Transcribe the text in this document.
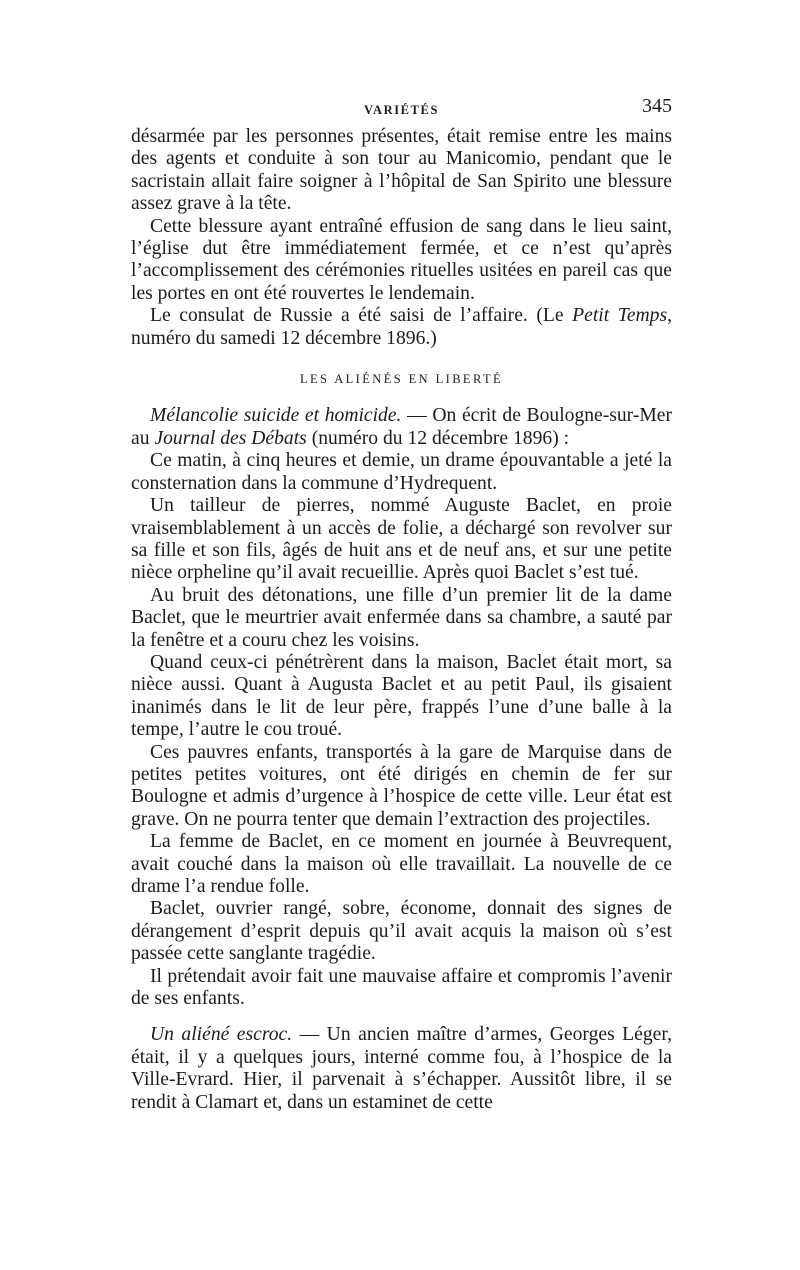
VARIÉTÉS	345

désarmée par les personnes présentes, était remise entre les mains des agents et conduite à son tour au Manicomio, pendant que le sacristain allait faire soigner à l’hôpital de San Spirito une blessure assez grave à la tête.

Cette blessure ayant entraîné effusion de sang dans le lieu saint, l’église dut être immédiatement fermée, et ce n’est qu’après l’accomplissement des cérémonies rituelles usitées en pareil cas que les portes en ont été rouvertes le lendemain.

Le consulat de Russie a été saisi de l’affaire. (Le Petit Temps, numéro du samedi 12 décembre 1896.)

LES ALIÉNÉS EN LIBERTÉ

Mélancolie suicide et homicide. — On écrit de Boulogne-sur-Mer au Journal des Débats (numéro du 12 décembre 1896) :

Ce matin, à cinq heures et demie, un drame épouvantable a jeté la consternation dans la commune d’Hydrequent.

Un tailleur de pierres, nommé Auguste Baclet, en proie vraisemblablement à un accès de folie, a déchargé son revolver sur sa fille et son fils, âgés de huit ans et de neuf ans, et sur une petite nièce orpheline qu’il avait recueillie. Après quoi Baclet s’est tué.

Au bruit des détonations, une fille d’un premier lit de la dame Baclet, que le meurtrier avait enfermée dans sa chambre, a sauté par la fenêtre et a couru chez les voisins.

Quand ceux-ci pénétrèrent dans la maison, Baclet était mort, sa nièce aussi. Quant à Augusta Baclet et au petit Paul, ils gisaient inanimés dans le lit de leur père, frappés l’une d’une balle à la tempe, l’autre le cou troué.

Ces pauvres enfants, transportés à la gare de Marquise dans de petites petites voitures, ont été dirigés en chemin de fer sur Boulogne et admis d’urgence à l’hospice de cette ville. Leur état est grave. On ne pourra tenter que demain l’extraction des projectiles.

La femme de Baclet, en ce moment en journée à Beuvrequent, avait couché dans la maison où elle travaillait. La nouvelle de ce drame l’a rendue folle.

Baclet, ouvrier rangé, sobre, économe, donnait des signes de dérangement d’esprit depuis qu’il avait acquis la maison où s’est passée cette sanglante tragédie.

Il prétendait avoir fait une mauvaise affaire et compromis l’avenir de ses enfants.

Un aliéné escroc. — Un ancien maître d’armes, Georges Léger, était, il y a quelques jours, interné comme fou, à l’hospice de la Ville-Evrard. Hier, il parvenait à s’échapper. Aussitôt libre, il se rendit à Clamart et, dans un estaminet de cette
